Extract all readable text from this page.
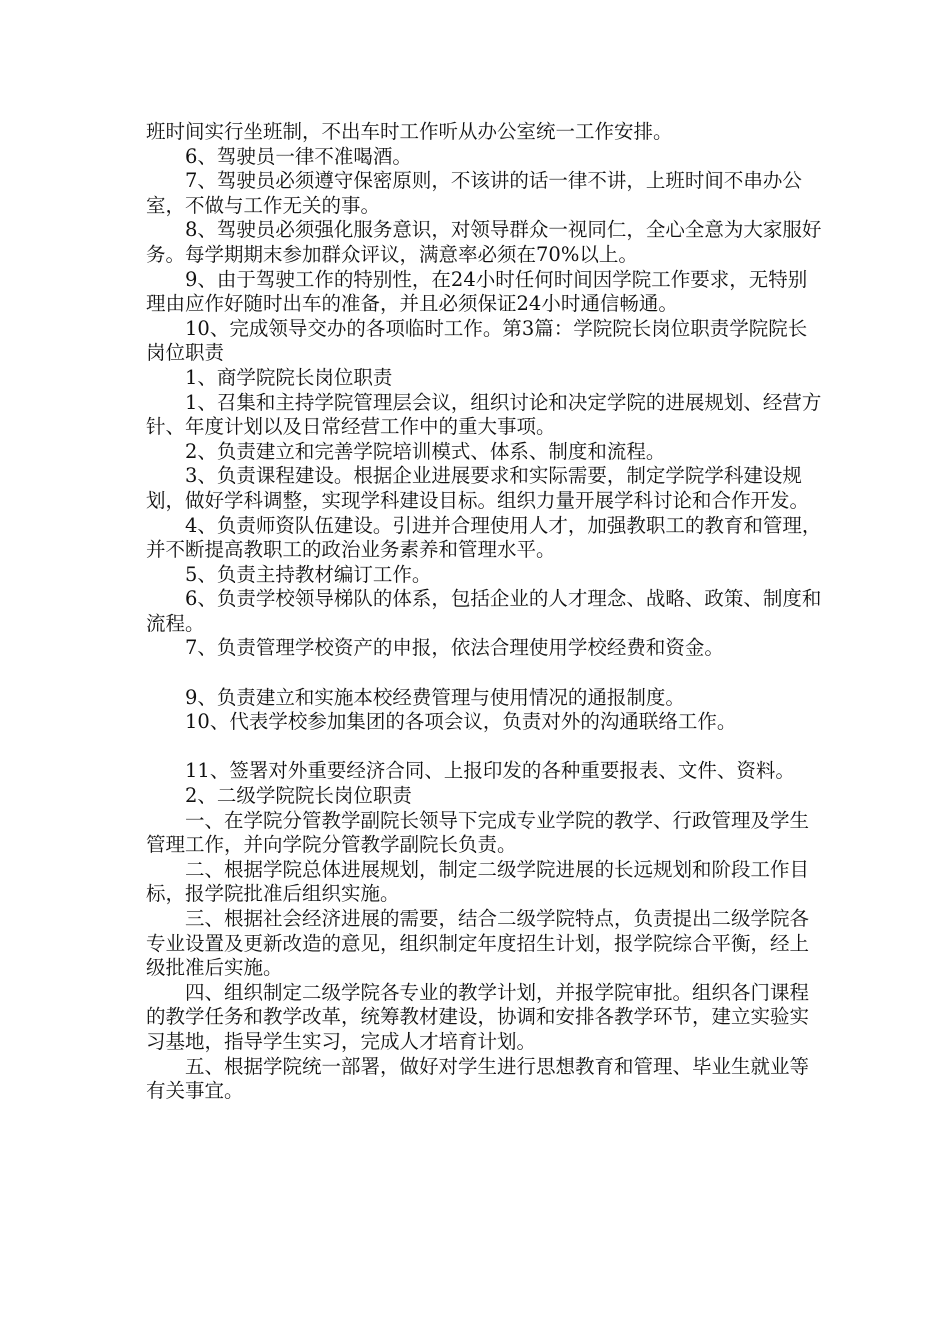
班时间实行坐班制，不出车时工作听从办公室统一工作安排。

6、驾驶员一律不准喝酒。

7、驾驶员必须遵守保密原则，不该讲的话一律不讲，上班时间不串办公室，不做与工作无关的事。

8、驾驶员必须强化服务意识，对领导群众一视同仁，全心全意为大家服好务。每学期期末参加群众评议，满意率必须在70%以上。

9、由于驾驶工作的特别性，在24小时任何时间因学院工作要求，无特别理由应作好随时出车的准备，并且必须保证24小时通信畅通。

10、完成领导交办的各项临时工作。第3篇：学院院长岗位职责学院院长岗位职责

1、商学院院长岗位职责

1、召集和主持学院管理层会议，组织讨论和决定学院的进展规划、经营方针、年度计划以及日常经营工作中的重大事项。

2、负责建立和完善学院培训模式、体系、制度和流程。

3、负责课程建设。根据企业进展要求和实际需要，制定学院学科建设规划，做好学科调整，实现学科建设目标。组织力量开展学科讨论和合作开发。

4、负责师资队伍建设。引进并合理使用人才，加强教职工的教育和管理，并不断提高教职工的政治业务素养和管理水平。

5、负责主持教材编订工作。

6、负责学校领导梯队的体系，包括企业的人才理念、战略、政策、制度和流程。

7、负责管理学校资产的申报，依法合理使用学校经费和资金。

9、负责建立和实施本校经费管理与使用情况的通报制度。

10、代表学校参加集团的各项会议，负责对外的沟通联络工作。

11、签署对外重要经济合同、上报印发的各种重要报表、文件、资料。

2、二级学院院长岗位职责

一、在学院分管教学副院长领导下完成专业学院的教学、行政管理及学生管理工作，并向学院分管教学副院长负责。

二、根据学院总体进展规划，制定二级学院进展的长远规划和阶段工作目标，报学院批准后组织实施。

三、根据社会经济进展的需要，结合二级学院特点，负责提出二级学院各专业设置及更新改造的意见，组织制定年度招生计划，报学院综合平衡，经上级批准后实施。

四、组织制定二级学院各专业的教学计划，并报学院审批。组织各门课程的教学任务和教学改革，统筹教材建设，协调和安排各教学环节，建立实验实习基地，指导学生实习，完成人才培育计划。

五、根据学院统一部署，做好对学生进行思想教育和管理、毕业生就业等有关事宜。
